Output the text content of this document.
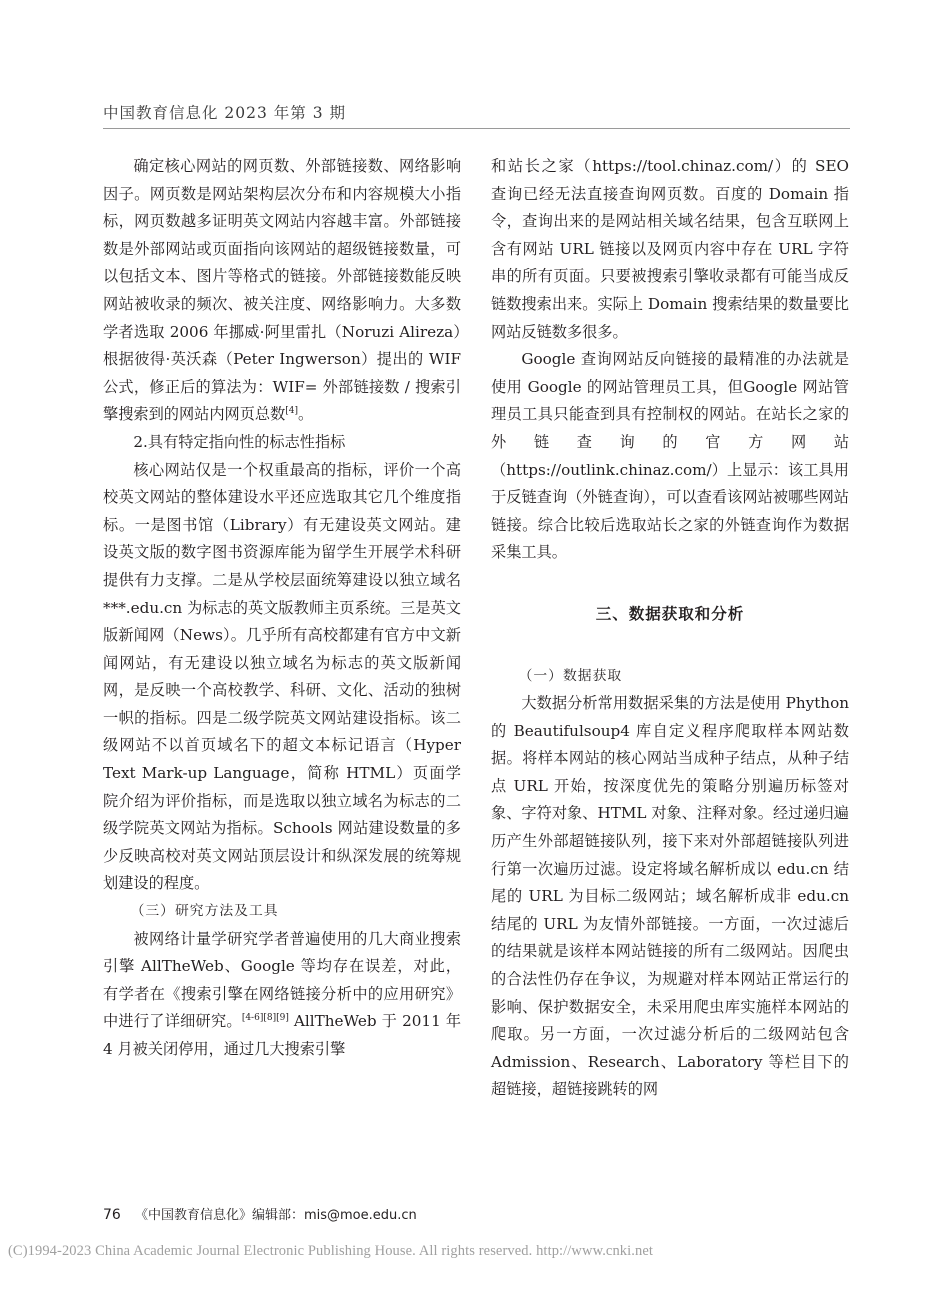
中国教育信息化 2023 年第 3 期

确定核心网站的网页数、外部链接数、网络影响因子。网页数是网站架构层次分布和内容规模大小指标，网页数越多证明英文网站内容越丰富。外部链接数是外部网站或页面指向该网站的超级链接数量，可以包括文本、图片等格式的链接。外部链接数能反映网站被收录的频次、被关注度、网络影响力。大多数学者选取 2006 年挪威·阿里雷扎（Noruzi Alireza）根据彼得·英沃森（Peter Ingwerson）提出的 WIF 公式，修正后的算法为：WIF= 外部链接数 / 搜索引擎搜索到的网站内网页总数[4]。

2.具有特定指向性的标志性指标

核心网站仅是一个权重最高的指标，评价一个高校英文网站的整体建设水平还应选取其它几个维度指标。一是图书馆（Library）有无建设英文网站。建设英文版的数字图书资源库能为留学生开展学术科研提供有力支撑。二是从学校层面统筹建设以独立域名 ***.edu.cn 为标志的英文版教师主页系统。三是英文版新闻网（News）。几乎所有高校都建有官方中文新闻网站，有无建设以独立域名为标志的英文版新闻网，是反映一个高校教学、科研、文化、活动的独树一帜的指标。四是二级学院英文网站建设指标。该二级网站不以首页域名下的超文本标记语言（Hyper Text Mark-up Language，简称 HTML）页面学院介绍为评价指标，而是选取以独立域名为标志的二级学院英文网站为指标。Schools 网站建设数量的多少反映高校对英文网站顶层设计和纵深发展的统筹规划建设的程度。

（三）研究方法及工具

被网络计量学研究学者普遍使用的几大商业搜索引擎 AllTheWeb、Google 等均存在误差，对此，有学者在《搜索引擎在网络链接分析中的应用研究》中进行了详细研究。[4-6][8][9] AllTheWeb 于 2011 年 4 月被关闭停用，通过几大搜索引擎

和站长之家（https://tool.chinaz.com/）的 SEO 查询已经无法直接查询网页数。百度的 Domain 指令，查询出来的是网站相关域名结果，包含互联网上含有网站 URL 链接以及网页内容中存在 URL 字符串的所有页面。只要被搜索引擎收录都有可能当成反链数搜索出来。实际上 Domain 搜索结果的数量要比网站反链数多很多。

Google 查询网站反向链接的最精准的办法就是使用 Google 的网站管理员工具，但Google 网站管理员工具只能查到具有控制权的网站。在站长之家的外链查询的官方网站（https://outlink.chinaz.com/）上显示：该工具用于反链查询（外链查询），可以查看该网站被哪些网站链接。综合比较后选取站长之家的外链查询作为数据采集工具。

三、数据获取和分析

（一）数据获取

大数据分析常用数据采集的方法是使用 Phython 的 Beautifulsoup4 库自定义程序爬取样本网站数据。将样本网站的核心网站当成种子结点，从种子结点 URL 开始，按深度优先的策略分别遍历标签对象、字符对象、HTML 对象、注释对象。经过递归遍历产生外部超链接队列，接下来对外部超链接队列进行第一次遍历过滤。设定将域名解析成以 edu.cn 结尾的 URL 为目标二级网站；域名解析成非 edu.cn 结尾的 URL 为友情外部链接。一方面，一次过滤后的结果就是该样本网站链接的所有二级网站。因爬虫的合法性仍存在争议，为规避对样本网站正常运行的影响、保护数据安全，未采用爬虫库实施样本网站的爬取。另一方面，一次过滤分析后的二级网站包含 Admission、Research、Laboratory 等栏目下的超链接，超链接跳转的网

76 《中国教育信息化》编辑部：mis@moe.edu.cn
(C)1994-2023 China Academic Journal Electronic Publishing House. All rights reserved. http://www.cnki.net
